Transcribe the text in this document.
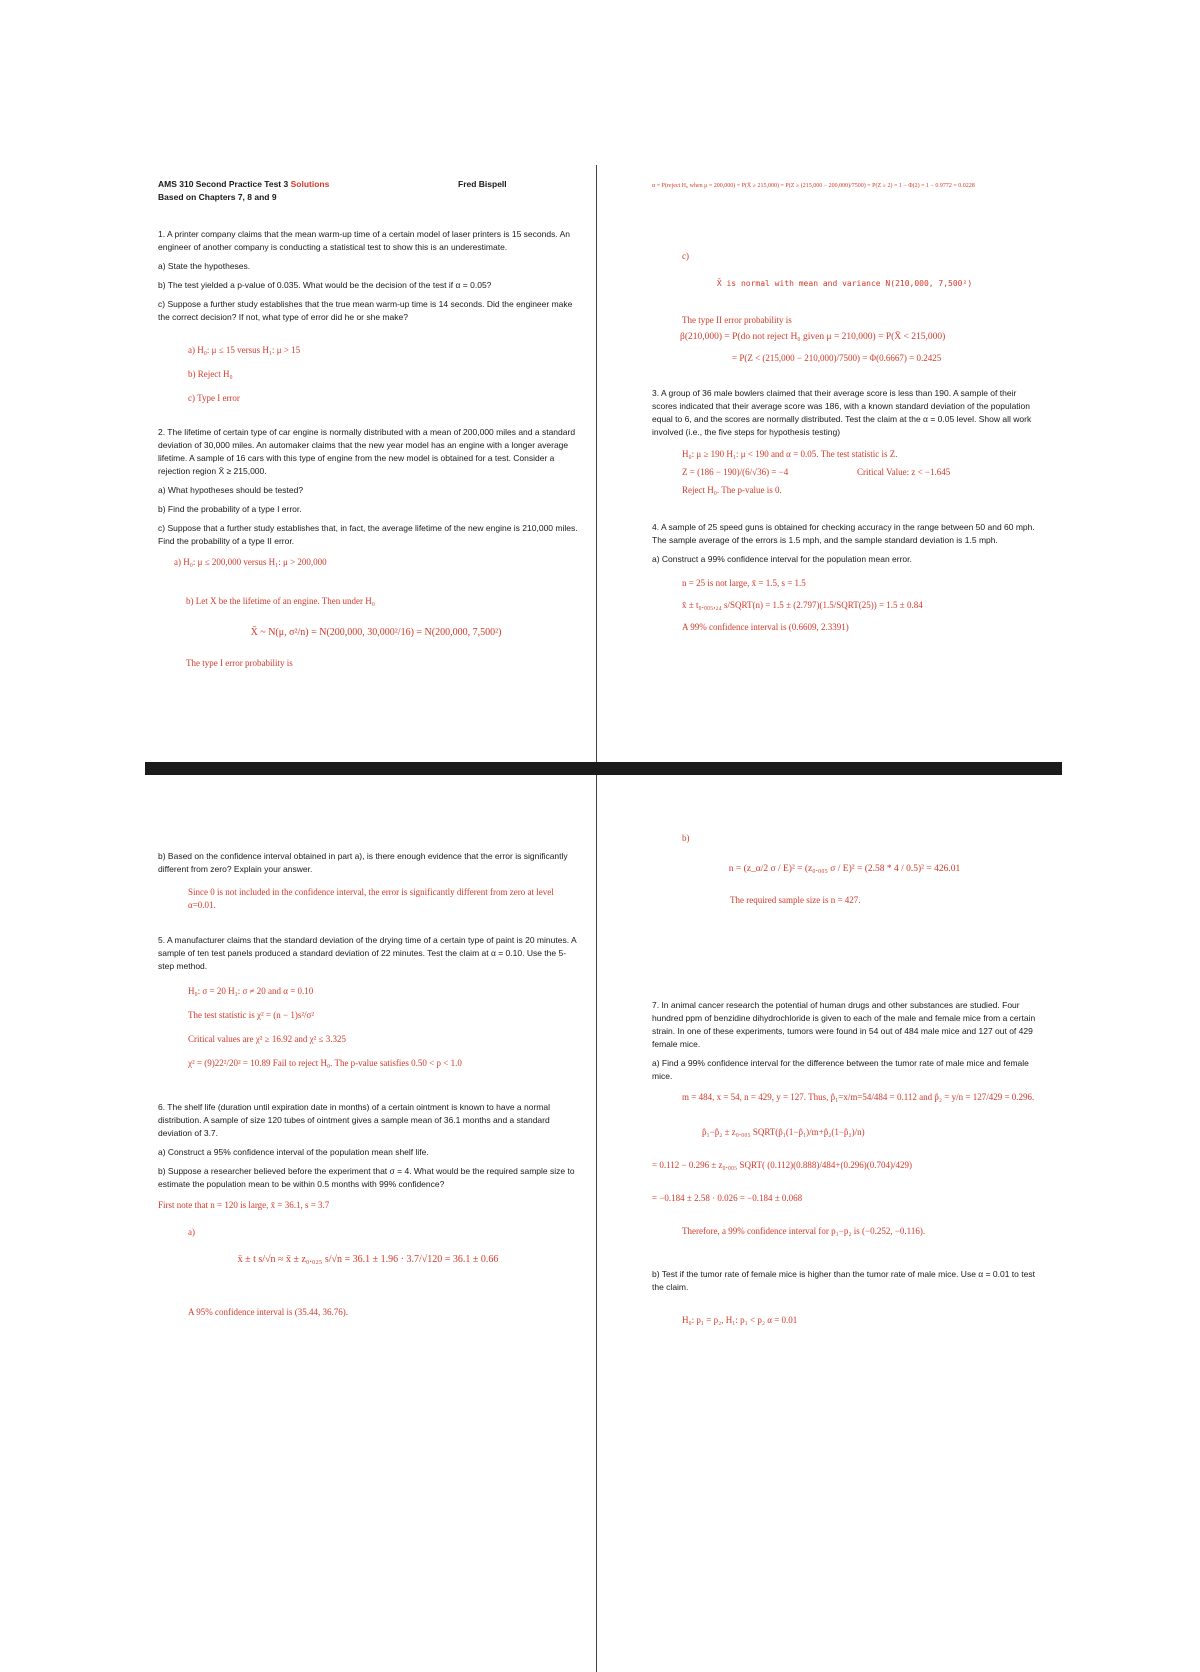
AMS 310 Second Practice Test 3 Solutions
Based on Chapters 7, 8 and 9
Fred Bispell

1. A printer company claims that the mean warm-up time of a certain model of laser printers is 15 seconds. An engineer of another company is conducting a statistical test to show this is an underestimate.

a) State the hypotheses.

b) The test yielded a p-value of 0.035. What would be the decision of the test if α = 0.05?

c) Suppose a further study establishes that the true mean warm-up time is 14 seconds. Did the engineer make the correct decision? If not, what type of error did he or she make?

a) H₀: μ ≤ 15 versus H₁: μ > 15
b) Reject H₀
c) Type I error

2. The lifetime of certain type of car engine is normally distributed with a mean of 200,000 miles and a standard deviation of 30,000 miles. An automaker claims that the new year model has an engine with a longer average lifetime. A sample of 16 cars with this type of engine from the new model is obtained for a test. Consider a rejection region X̄ ≥ 215,000.

a) What hypotheses should be tested?

b) Find the probability of a type I error.

c) Suppose that a further study establishes that, in fact, the average lifetime of the new engine is 210,000 miles. Find the probability of a type II error.

a) H₀: μ ≤ 200,000 versus H₁: μ > 200,000
b) Let X be the lifetime of an engine. Then under H₀
X̄ ~ N(μ, σ²/n) = N(200,000, 30,000²/16) = N(200,000, 7,500²)
The type I error probability is
α = P(reject H₀ when μ = 200,000) = P(X̄ ≥ 215,000) = P(Z ≥ (215,000 − 200,000)/7500) = P(Z ≥ 2) = 1 − Φ(2) = 1 − 0.9772 = 0.0228
c)
X̄ is normal with mean and variance N(210,000, 7,500²)
The type II error probability is
β(210,000) = P(do not reject H₀ given μ = 210,000) = P(X̄ < 215,000)
= P(Z < (215,000 − 210,000)/7500) = Φ(0.6667) = 0.2425

3. A group of 36 male bowlers claimed that their average score is less than 190. A sample of their scores indicated that their average score was 186, with a known standard deviation of the population equal to 6, and the scores are normally distributed. Test the claim at the α = 0.05 level. Show all work involved (i.e., the five steps for hypothesis testing)

H₀: μ ≥ 190 H₁: μ < 190 and α = 0.05. The test statistic is Z.
Z = (186 − 190)/(6/√36) = −4	Critical Value: z < −1.645
Reject H₀. The p-value is 0.

4. A sample of 25 speed guns is obtained for checking accuracy in the range between 50 and 60 mph. The sample average of the errors is 1.5 mph, and the sample standard deviation is 1.5 mph.

a) Construct a 99% confidence interval for the population mean error.

n = 25 is not large, x̄ = 1.5, s = 1.5
x̄ ± t₀.₀₀₅,₂₄ s/SQRT(n) = 1.5 ± (2.797)(1.5/SQRT(25)) = 1.5 ± 0.84
A 99% confidence interval is (0.6609, 2.3391)

b) Based on the confidence interval obtained in part a), is there enough evidence that the error is significantly different from zero? Explain your answer.

Since 0 is not included in the confidence interval, the error is significantly different from zero at level α=0.01.

5. A manufacturer claims that the standard deviation of the drying time of a certain type of paint is 20 minutes. A sample of ten test panels produced a standard deviation of 22 minutes. Test the claim at α = 0.10. Use the 5-step method.

H₀: σ = 20 H₁: σ ≠ 20 and α = 0.10
The test statistic is χ² = (n − 1)s²/σ²
Critical values are χ² ≥ 16.92 and χ² ≤ 3.325
χ² = (9)22²/20² = 10.89 Fail to reject H₀. The p-value satisfies 0.50 < p < 1.0

6. The shelf life (duration until expiration date in months) of a certain ointment is known to have a normal distribution. A sample of size 120 tubes of ointment gives a sample mean of 36.1 months and a standard deviation of 3.7.

a) Construct a 95% confidence interval of the population mean shelf life.

b) Suppose a researcher believed before the experiment that σ = 4. What would be the required sample size to estimate the population mean to be within 0.5 months with 99% confidence?

First note that n = 120 is large, x̄ = 36.1, s = 3.7
a)
x̄ ± t s/√n ≈ x̄ ± z₀.₀₂₅ s/√n = 36.1 ± 1.96 · 3.7/√120 = 36.1 ± 0.66
A 95% confidence interval is (35.44, 36.76).
b)
n = (z_α/2 σ / E)² = (z₀.₀₀₅ σ / E)² = (2.58 * 4 / 0.5)² = 426.01
The required sample size is n = 427.

7. In animal cancer research the potential of human drugs and other substances are studied. Four hundred ppm of benzidine dihydrochloride is given to each of the male and female mice from a certain strain. In one of these experiments, tumors were found in 54 out of 484 male mice and 127 out of 429 female mice.

a) Find a 99% confidence interval for the difference between the tumor rate of male mice and female mice.

m = 484, x = 54, n = 429, y = 127. Thus, p̂₁=x/m=54/484 = 0.112 and p̂₂ = y/n = 127/429 = 0.296.
p̂₁−p̂₂ ± z₀.₀₀₅ SQRT(p̂₁(1−p̂₁)/m+p̂₂(1−p̂₂)/n)
= 0.112 − 0.296 ± z₀.₀₀₅ SQRT( (0.112)(0.888)/484+(0.296)(0.704)/429)
= −0.184 ± 2.58 · 0.026 = −0.184 ± 0.068
Therefore, a 99% confidence interval for p₁−p₂ is (−0.252, −0.116).

b) Test if the tumor rate of female mice is higher than the tumor rate of male mice. Use α = 0.01 to test the claim.

H₀: p₁ = p₂, H₁: p₁ < p₂ α = 0.01
